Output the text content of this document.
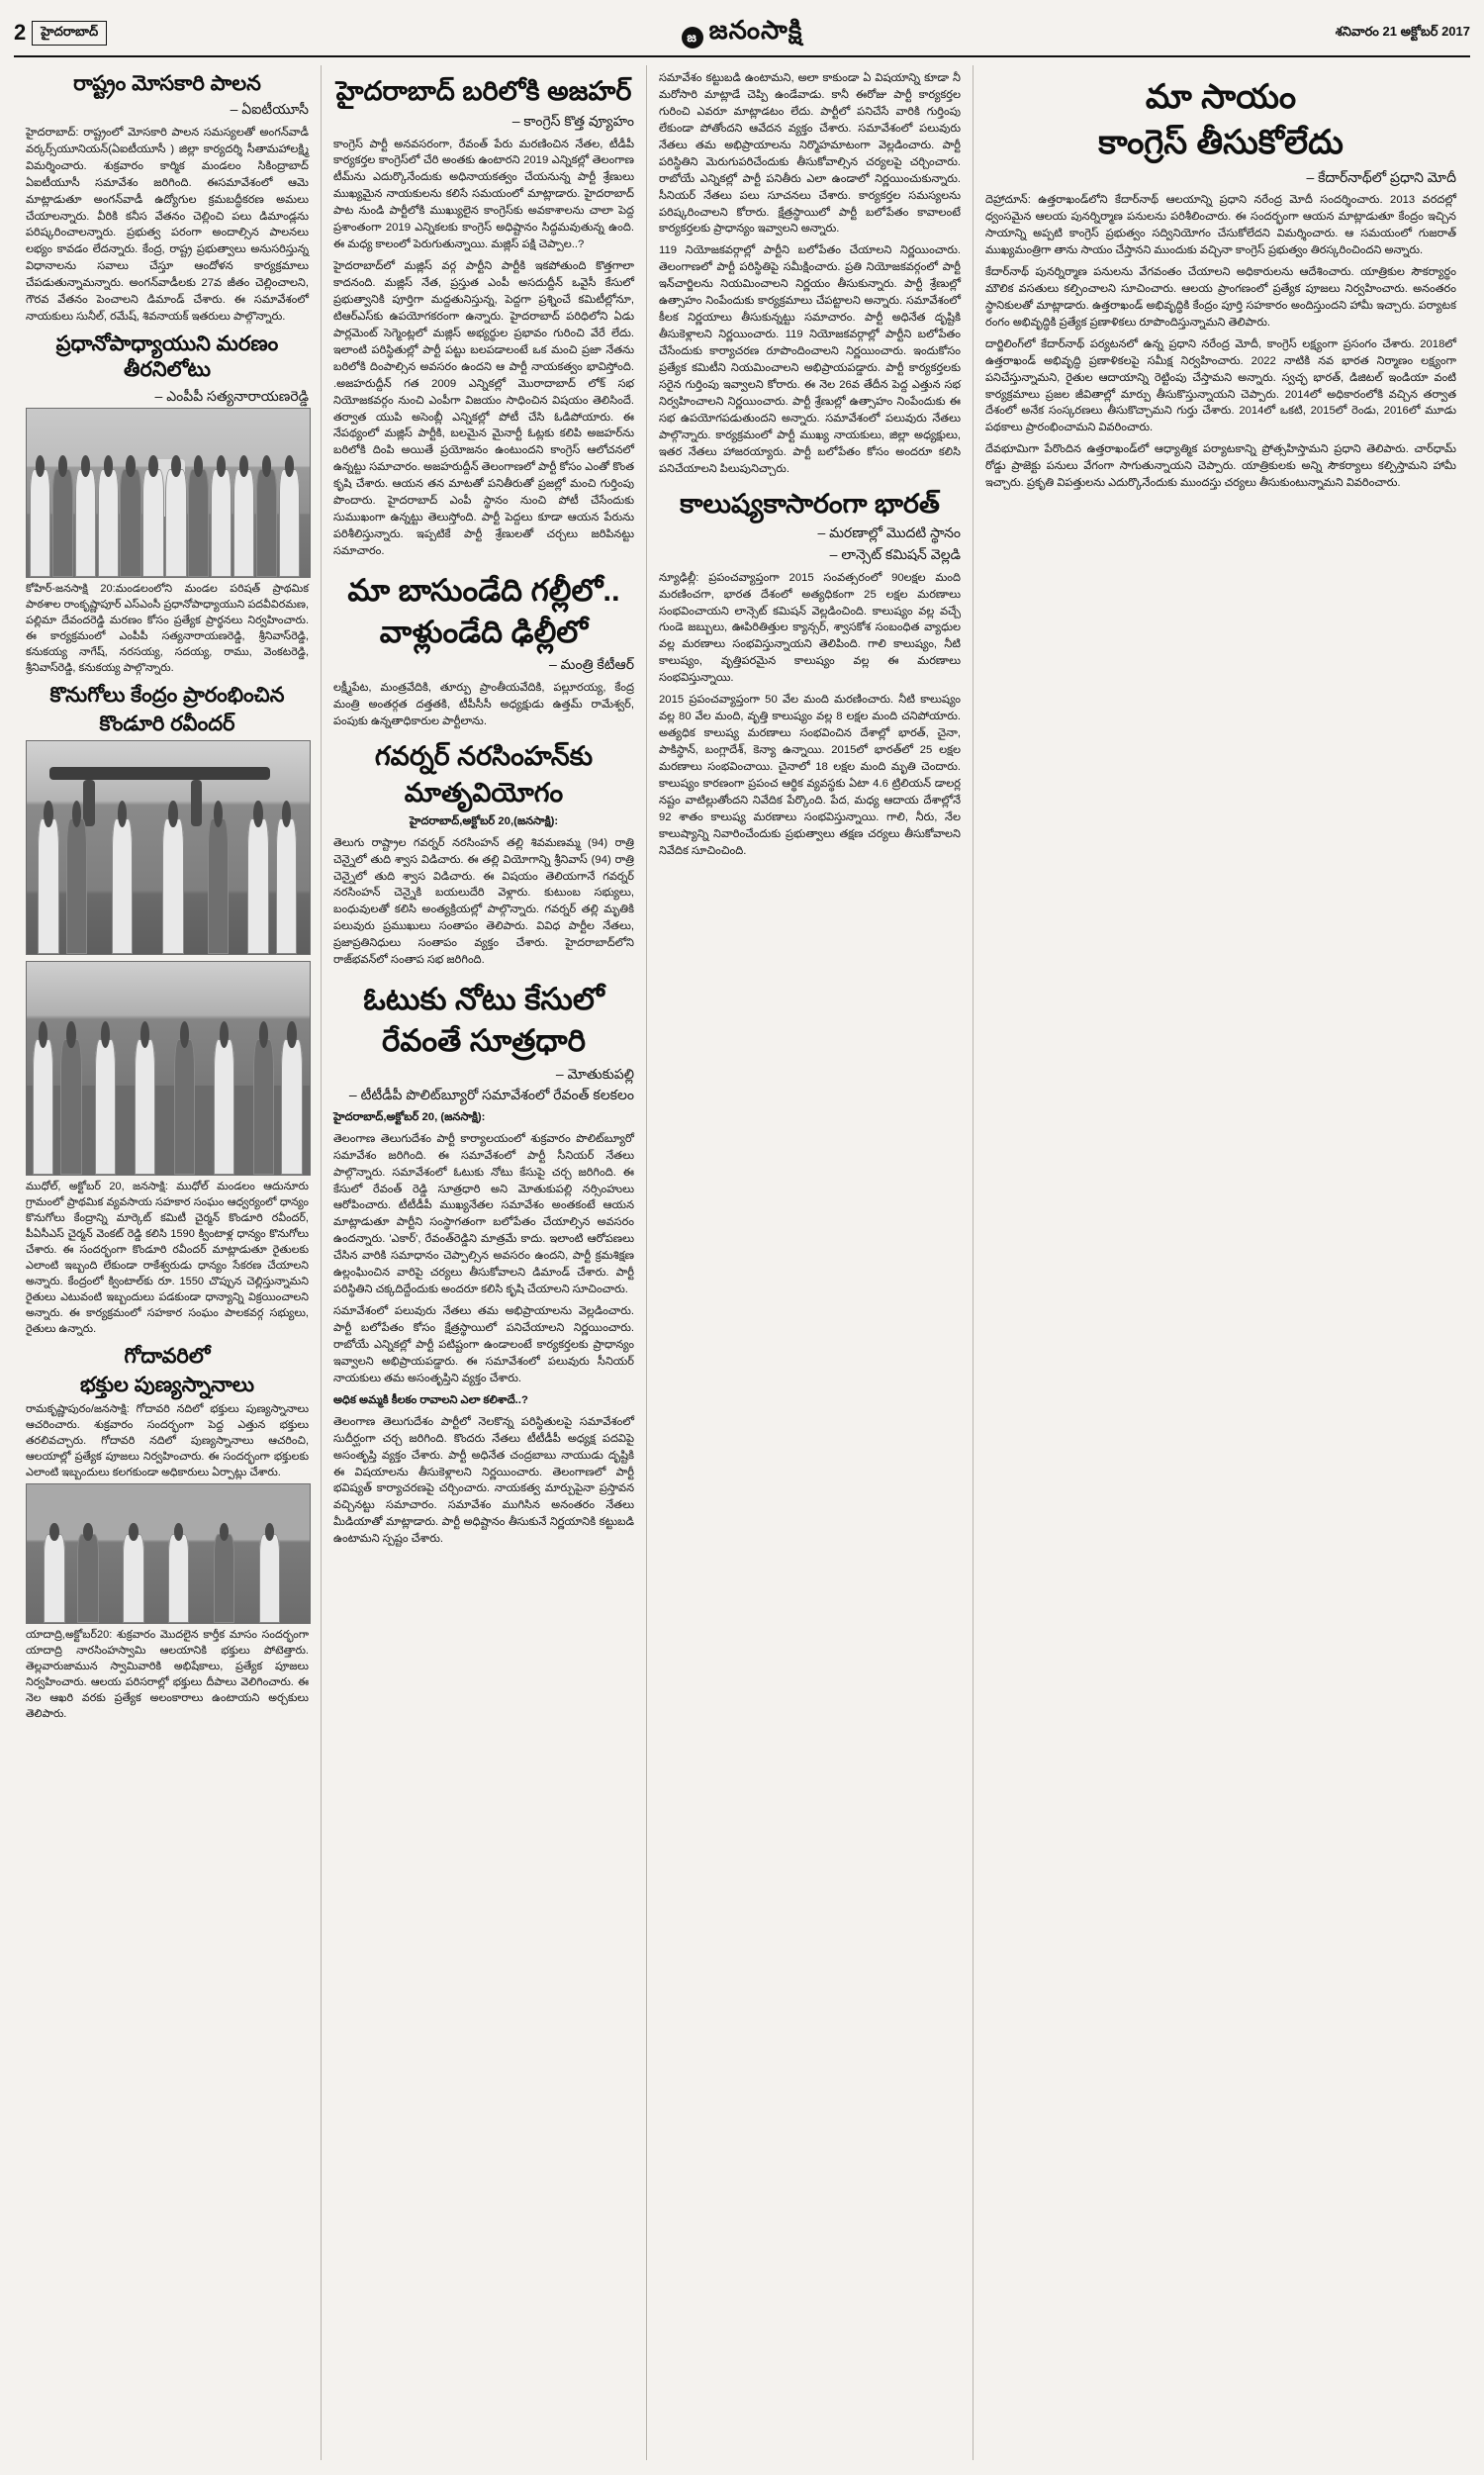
2	హైదరాబాద్	జ జనంసాక్షి	శనివారం 21 అక్టోబర్ 2017
రాష్ట్రం మోసకారి పాలన
– ఏఐటీయూసీ
హైదరాబాద్: రాష్ట్రంలో మోసకారి పాలన సమస్యలతో అంగన్‌వాడీ వర్కర్స్‌యూనియన్(ఏఐటీయూసీ ) జిల్లా కార్యదర్శి సీతామహాలక్ష్మి విమర్శించారు. శుక్రవారం కార్మిక మండలం సికింద్రాబాద్ ఏఐటీయూసీ సమావేశం జరిగింది. ఈసమావేశంలో ఆమె మాట్లాడుతూ అంగన్‌వాడీ ఉద్యోగుల క్రమబద్ధీకరణ అమలు చేయాలన్నారు. వీరికి కనీస వేతనం చెల్లించి పలు డిమాండ్లను పరిష్కరించాలన్నారు. ప్రభుత్వ పరంగా అందాల్సిన పాలనలు లభ్యం కావడం లేదన్నారు. కేంద్ర, రాష్ట్ర ప్రభుత్వాలు అనుసరిస్తున్న విధానాలను సవాలు చేస్తూ ఆందోళన కార్యక్రమాలు చేపడుతున్నామన్నారు. అంగన్‌వాడీలకు 27వ జీతం చెల్లించాలని, గౌరవ వేతనం పెంచాలని డిమాండ్ చేశారు. ఈ సమావేశంలో నాయకులు సునీల్, రమేష్, శివనాయక్ ఇతరులు పాల్గొన్నారు.
ప్రధానోపాధ్యాయుని మరణం తీరనిలోటు
– ఎంపీపీ సత్యనారాయణరెడ్డి
కోహిర్-జనసాక్షి 20:మండలంలోని మండల పరిషత్ ప్రాథమిక పాఠశాల రాంకృష్ణాపూర్ ఎస్‌ఎంసీ ప్రధానోపాధ్యాయుని పదవీవిరమణ, పల్లిమా దేవందరెడ్డి మరణం కోసం ప్రత్యేక ప్రార్థనలు నిర్వహించారు. ఈ కార్యక్రమంలో ఎంపీపీ సత్యనారాయణరెడ్డి, శ్రీనివాస్‌రెడ్డి, కనుకయ్య నాగేష్, నరసయ్య, సదయ్య, రాము, వెంకటరెడ్డి, శ్రీనివాస్‌రెడ్డి, కనుకయ్య పాల్గొన్నారు.
కొనుగోలు కేంద్రం ప్రారంభించిన
కొండూరి రవీందర్
ముధోల్, అక్టోబర్ 20, జనసాక్షి: ముధోల్ మండలం ఆదునూరు గ్రామంలో ప్రాథమిక వ్యవసాయ సహకార సంఘం ఆధ్వర్యంలో ధాన్యం కొనుగోలు కేంద్రాన్ని మార్కెట్ కమిటీ చైర్మన్ కొండూరి రవీందర్, పీఏసీఎస్ చైర్మన్ వెంకట్ రెడ్డి కలిసి 1590 క్వింటాళ్ల ధాన్యం కొనుగోలు చేశారు. ఈ సందర్భంగా కొండూరి రవీందర్ మాట్లాడుతూ రైతులకు ఎలాంటి ఇబ్బంది లేకుండా రాకేశ్వరుడు ధాన్యం సేకరణ చేయాలని అన్నారు. కేంద్రంలో క్వింటాల్‌కు రూ. 1550 చొప్పున చెల్లిస్తున్నామని రైతులు ఎటువంటి ఇబ్బందులు పడకుండా ధాన్యాన్ని విక్రయించాలని అన్నారు. ఈ కార్యక్రమంలో సహకార సంఘం పాలకవర్గ సభ్యులు, రైతులు ఉన్నారు.
గోదావరిలో
భక్తుల పుణ్యస్నానాలు
రామకృష్ణాపురం/జనసాక్షి: గోదావరి నదిలో భక్తులు పుణ్యస్నానాలు ఆచరించారు. శుక్రవారం సందర్భంగా పెద్ద ఎత్తున భక్తులు తరలివచ్చారు. గోదావరి నదిలో పుణ్యస్నానాలు ఆచరించి, ఆలయాల్లో ప్రత్యేక పూజలు నిర్వహించారు. ఈ సందర్భంగా భక్తులకు ఎలాంటి ఇబ్బందులు కలగకుండా అధికారులు ఏర్పాట్లు చేశారు.
యాదాద్రి,అక్టోబర్20: శుక్రవారం మొదలైన కార్తీక మాసం సందర్భంగా యాదాద్రి నారసింహస్వామి ఆలయానికి భక్తులు పోటెత్తారు. తెల్లవారుజామున స్వామివారికి అభిషేకాలు, ప్రత్యేక పూజలు నిర్వహించారు. ఆలయ పరిసరాల్లో భక్తులు దీపాలు వెలిగించారు. ఈ నెల ఆఖరి వరకు ప్రత్యేక అలంకారాలు ఉంటాయని అర్చకులు తెలిపారు.
హైదరాబాద్ బరిలోకి అజహర్
– కాంగ్రెస్ కొత్త వ్యూహం
కాంగ్రెస్ పార్టీ అనవసరంగా, రేవంత్ పేరు మరణించిన నేతల, టీడీపీ కార్యకర్తల కాంగ్రెస్‌లో చేరి అంతకు ఉంటారని 2019 ఎన్నికల్లో తెలంగాణ టీమ్‌ను ఎదుర్కొనేందుకు అధినాయకత్వం చేయనున్న పార్టీ శ్రేణులు ముఖ్యమైన నాయకులను కలిసే సమయంలో మాట్లాడారు. హైదరాబాద్ పాట నుండి పార్టీలోకి ముఖ్యులైన కాంగ్రెస్‌కు అవకాశాలను చాలా పెద్ద ప్రశాంతంగా 2019 ఎన్నికలకు కాంగ్రెస్ అధిష్టానం సిద్ధమవుతున్న ఉంది. ఈ మధ్య కాలంలో పెరుగుతున్నాయి. మజ్లిస్ పక్షి చెప్పాల..?
హైదరాబాద్‌లో మజ్లిస్ వర్గ పార్టీని పార్టీకి ఇకపోతుంది కొత్తగాలా కాదనంది. మజ్లిస్ నేత, ప్రస్తుత ఎంపీ అసదుద్దీన్ ఒవైసీ కేసులో ప్రభుత్వానికి పూర్తిగా మద్దతునిస్తున్న, పెద్దగా ప్రశ్నించే కమిటీల్లోనూ, టిఆర్ఎస్‌కు ఉపయోగకరంగా ఉన్నారు. హైదరాబాద్ పరిధిలోని ఏడు పార్లమెంట్ సెగ్మెంట్లలో మజ్లిస్ అభ్యర్థుల ప్రభావం గురించి వేరే లేదు. ఇలాంటి పరిస్థితుల్లో పార్టీ పట్టు బలపడాలంటే ఒక మంచి ప్రజా నేతను బరిలోకి దింపాల్సిన అవసరం ఉందని ఆ పార్టీ నాయకత్వం భావిస్తోంది. .అజహరుద్దీన్ గత 2009 ఎన్నికల్లో మొరాదాబాద్ లోక్ సభ నియోజకవర్గం నుంచి ఎంపీగా విజయం సాధించిన విషయం తెలిసిందే. తర్వాత యుపి అసెంబ్లీ ఎన్నికల్లో పోటీ చేసి ఓడిపోయారు. ఈ నేపథ్యంలో మజ్లిస్ పార్టీకి, బలమైన మైనార్టీ ఓట్లకు కలిపి అజహర్‌ను బరిలోకి దింపి అయితే ప్రయోజనం ఉంటుందని కాంగ్రెస్ ఆలోచనలో ఉన్నట్టు సమాచారం. అజహరుద్దీన్ తెలంగాణలో పార్టీ కోసం ఎంతో కొంత కృషి చేశారు. ఆయన తన మాటతో పనితీరుతో ప్రజల్లో మంచి గుర్తింపు పొందారు. హైదరాబాద్ ఎంపీ స్థానం నుంచి పోటీ చేసేందుకు సుముఖంగా ఉన్నట్టు తెలుస్తోంది. పార్టీ పెద్దలు కూడా ఆయన పేరును పరిశీలిస్తున్నారు. ఇప్పటికే పార్టీ శ్రేణులతో చర్చలు జరిపినట్టు సమాచారం.
మా బాసుండేది గల్లీలో..
వాళ్లుండేది ఢిల్లీలో
– మంత్రి కేటీఆర్
లక్ష్మీపేట, మంత్రవేదికి, తూర్పు ప్రాంతీయవేదికి, పల్లూరయ్య, కేంద్ర మంత్రి అంతర్గత దత్తతకి, టీపీసీసీ అధ్యక్షుడు ఉత్తమ్ రామేశ్వర్, పంపుకు ఉన్నతాధికారుల పార్టీలాను.
గవర్నర్ నరసింహన్‌కు
మాతృవియోగం
హైదరాబాద్,అక్టోబర్ 20,(జనసాక్షి):
తెలుగు రాష్ట్రాల గవర్నర్ నరసింహన్ తల్లి శివమణమ్మ (94) రాత్రి చెన్నైలో తుది శ్వాస విడిచారు. ఈ తల్లి వియోగాన్ని శ్రీనివాస్ (94) రాత్రి చెన్నైలో తుది శ్వాస విడిచారు. ఈ విషయం తెలియగానే గవర్నర్ నరసింహన్ చెన్నైకి బయలుదేరి వెళ్లారు. కుటుంబ సభ్యులు, బంధువులతో కలిసి అంత్యక్రియల్లో పాల్గొన్నారు. గవర్నర్ తల్లి మృతికి పలువురు ప్రముఖులు సంతాపం తెలిపారు. వివిధ పార్టీల నేతలు, ప్రజాప్రతినిధులు సంతాపం వ్యక్తం చేశారు. హైదరాబాద్‌లోని రాజ్‌భవన్‌లో సంతాప సభ జరిగింది.
ఓటుకు నోటు కేసులో
రేవంతే సూత్రధారి
– మోతుకుపల్లి
– టీటీడీపీ పొలిట్‌బ్యూరో సమావేశంలో రేవంత్ కలకలం
హైదరాబాద్,అక్టోబర్ 20, (జనసాక్షి):
తెలంగాణ తెలుగుదేశం పార్టీ కార్యాలయంలో శుక్రవారం పొలిట్‌బ్యూరో సమావేశం జరిగింది. ఈ సమావేశంలో పార్టీ సీనియర్ నేతలు పాల్గొన్నారు. సమావేశంలో ఓటుకు నోటు కేసుపై చర్చ జరిగింది. ఈ కేసులో రేవంత్ రెడ్డి సూత్రధారి అని మోతుకుపల్లి నర్సింహులు ఆరోపించారు. టీటీడీపీ ముఖ్యనేతల సమావేశం అంతకంటే ఆయన మాట్లాడుతూ పార్టీని సంస్థాగతంగా బలోపేతం చేయాల్సిన అవసరం ఉందన్నారు. 'ఎకార్', రేవంత్‌రెడ్డిని మాత్రమే కాదు. ఇలాంటి ఆరోపణలు చేసిన వారికి సమాధానం చెప్పాల్సిన అవసరం ఉందని, పార్టీ క్రమశిక్షణ ఉల్లంఘించిన వారిపై చర్యలు తీసుకోవాలని డిమాండ్ చేశారు. పార్టీ పరిస్థితిని చక్కదిద్దేందుకు అందరూ కలిసి కృషి చేయాలని సూచించారు.
సమావేశంలో పలువురు నేతలు తమ అభిప్రాయాలను వెల్లడించారు. పార్టీ బలోపేతం కోసం క్షేత్రస్థాయిలో పనిచేయాలని నిర్ణయించారు. రాబోయే ఎన్నికల్లో పార్టీ పటిష్టంగా ఉండాలంటే కార్యకర్తలకు ప్రాధాన్యం ఇవ్వాలని అభిప్రాయపడ్డారు. ఈ సమావేశంలో పలువురు సీనియర్ నాయకులు తమ అసంతృప్తిని వ్యక్తం చేశారు.
అధిక అమ్మకి కీలకం రావాలని ఎలా కలిశాదే..?
తెలంగాణ తెలుగుదేశం పార్టీలో నెలకొన్న పరిస్థితులపై సమావేశంలో సుదీర్ఘంగా చర్చ జరిగింది. కొందరు నేతలు టీటీడీపీ అధ్యక్ష పదవిపై అసంతృప్తి వ్యక్తం చేశారు. పార్టీ అధినేత చంద్రబాబు నాయుడు దృష్టికి ఈ విషయాలను తీసుకెళ్లాలని నిర్ణయించారు. తెలంగాణలో పార్టీ భవిష్యత్ కార్యాచరణపై చర్చించారు. నాయకత్వ మార్పుపైనా ప్రస్తావన వచ్చినట్టు సమాచారం. సమావేశం ముగిసిన అనంతరం నేతలు మీడియాతో మాట్లాడారు. పార్టీ అధిష్టానం తీసుకునే నిర్ణయానికి కట్టుబడి ఉంటామని స్పష్టం చేశారు.
సమావేశం కట్టుబడి ఉంటామని, అలా కాకుండా ఏ విషయాన్ని కూడా నీ మరోసారి మాట్లాడే చెప్పి ఉండేవాడు. కానీ ఈరోజు పార్టీ కార్యకర్తల గురించి ఎవరూ మాట్లాడటం లేదు. పార్టీలో పనిచేసే వారికి గుర్తింపు లేకుండా పోతోందని ఆవేదన వ్యక్తం చేశారు. సమావేశంలో పలువురు నేతలు తమ అభిప్రాయాలను నిర్మొహమాటంగా వెల్లడించారు. పార్టీ పరిస్థితిని మెరుగుపరిచేందుకు తీసుకోవాల్సిన చర్యలపై చర్చించారు. రాబోయే ఎన్నికల్లో పార్టీ పనితీరు ఎలా ఉండాలో నిర్ణయించుకున్నారు. సీనియర్ నేతలు పలు సూచనలు చేశారు. కార్యకర్తల సమస్యలను పరిష్కరించాలని కోరారు. క్షేత్రస్థాయిలో పార్టీ బలోపేతం కావాలంటే కార్యకర్తలకు ప్రాధాన్యం ఇవ్వాలని అన్నారు.
119 నియోజకవర్గాల్లో పార్టీని బలోపేతం చేయాలని నిర్ణయించారు. తెలంగాణలో పార్టీ పరిస్థితిపై సమీక్షించారు. ప్రతి నియోజకవర్గంలో పార్టీ ఇన్‌చార్జిలను నియమించాలని నిర్ణయం తీసుకున్నారు. పార్టీ శ్రేణుల్లో ఉత్సాహం నింపేందుకు కార్యక్రమాలు చేపట్టాలని అన్నారు. సమావేశంలో కీలక నిర్ణయాలు తీసుకున్నట్టు సమాచారం. పార్టీ అధినేత దృష్టికి తీసుకెళ్లాలని నిర్ణయించారు. 119 నియోజకవర్గాల్లో పార్టీని బలోపేతం చేసేందుకు కార్యాచరణ రూపొందించాలని నిర్ణయించారు. ఇందుకోసం ప్రత్యేక కమిటీని నియమించాలని అభిప్రాయపడ్డారు. పార్టీ కార్యకర్తలకు సరైన గుర్తింపు ఇవ్వాలని కోరారు. ఈ నెల 26వ తేదీన పెద్ద ఎత్తున సభ నిర్వహించాలని నిర్ణయించారు. పార్టీ శ్రేణుల్లో ఉత్సాహం నింపేందుకు ఈ సభ ఉపయోగపడుతుందని అన్నారు. సమావేశంలో పలువురు నేతలు పాల్గొన్నారు. కార్యక్రమంలో పార్టీ ముఖ్య నాయకులు, జిల్లా అధ్యక్షులు, ఇతర నేతలు హాజరయ్యారు. పార్టీ బలోపేతం కోసం అందరూ కలిసి పనిచేయాలని పిలుపునిచ్చారు.
కాలుష్యకాసారంగా భారత్
– మరణాల్లో మొదటి స్థానం
– లాన్సెట్ కమిషన్ వెల్లడి
న్యూఢిల్లీ: ప్రపంచవ్యాప్తంగా 2015 సంవత్సరంలో 90లక్షల మంది మరణించగా, భారత దేశంలో అత్యధికంగా 25 లక్షల మరణాలు సంభవించాయని లాన్సెట్ కమిషన్ వెల్లడించింది. కాలుష్యం వల్ల వచ్చే గుండె జబ్బులు, ఊపిరితిత్తుల క్యాన్సర్, శ్వాసకోశ సంబంధిత వ్యాధుల వల్ల మరణాలు సంభవిస్తున్నాయని తెలిపింది. గాలి కాలుష్యం, నీటి కాలుష్యం, వృత్తిపరమైన కాలుష్యం వల్ల ఈ మరణాలు సంభవిస్తున్నాయి.
2015 ప్రపంచవ్యాప్తంగా 50 వేల మంది మరణించారు. నీటి కాలుష్యం వల్ల 80 వేల మంది, వృత్తి కాలుష్యం వల్ల 8 లక్షల మంది చనిపోయారు. అత్యధిక కాలుష్య మరణాలు సంభవించిన దేశాల్లో భారత్, చైనా, పాకిస్థాన్, బంగ్లాదేశ్, కెన్యా ఉన్నాయి. 2015లో భారత్‌లో 25 లక్షల మరణాలు సంభవించాయి. చైనాలో 18 లక్షల మంది మృతి చెందారు. కాలుష్యం కారణంగా ప్రపంచ ఆర్థిక వ్యవస్థకు ఏటా 4.6 ట్రిలియన్ డాలర్ల నష్టం వాటిల్లుతోందని నివేదిక పేర్కొంది. పేద, మధ్య ఆదాయ దేశాల్లోనే 92 శాతం కాలుష్య మరణాలు సంభవిస్తున్నాయి. గాలి, నీరు, నేల కాలుష్యాన్ని నివారించేందుకు ప్రభుత్వాలు తక్షణ చర్యలు తీసుకోవాలని నివేదిక సూచించింది.
మా సాయం
కాంగ్రెస్ తీసుకోలేదు
– కేదార్‌నాథ్‌లో ప్రధాని మోదీ
దెహ్రాదూన్: ఉత్తరాఖండ్‌లోని కేదార్‌నాథ్ ఆలయాన్ని ప్రధాని నరేంద్ర మోదీ సందర్శించారు. 2013 వరదల్లో ధ్వంసమైన ఆలయ పునర్నిర్మాణ పనులను పరిశీలించారు. ఈ సందర్భంగా ఆయన మాట్లాడుతూ కేంద్రం ఇచ్చిన సాయాన్ని అప్పటి కాంగ్రెస్ ప్రభుత్వం సద్వినియోగం చేసుకోలేదని విమర్శించారు. ఆ సమయంలో గుజరాత్ ముఖ్యమంత్రిగా తాను సాయం చేస్తానని ముందుకు వచ్చినా కాంగ్రెస్ ప్రభుత్వం తిరస్కరించిందని అన్నారు.
కేదార్‌నాథ్ పునర్నిర్మాణ పనులను వేగవంతం చేయాలని అధికారులను ఆదేశించారు. యాత్రికుల సౌకర్యార్థం మౌలిక వసతులు కల్పించాలని సూచించారు. ఆలయ ప్రాంగణంలో ప్రత్యేక పూజలు నిర్వహించారు. అనంతరం స్థానికులతో మాట్లాడారు. ఉత్తరాఖండ్ అభివృద్ధికి కేంద్రం పూర్తి సహకారం అందిస్తుందని హామీ ఇచ్చారు. పర్యాటక రంగం అభివృద్ధికి ప్రత్యేక ప్రణాళికలు రూపొందిస్తున్నామని తెలిపారు.
దార్జిలింగ్‌లో కేదార్‌నాథ్ పర్యటనలో ఉన్న ప్రధాని నరేంద్ర మోదీ, కాంగ్రెస్ లక్ష్యంగా ప్రసంగం చేశారు. 2018లో ఉత్తరాఖండ్ అభివృద్ధి ప్రణాళికలపై సమీక్ష నిర్వహించారు. 2022 నాటికి నవ భారత నిర్మాణం లక్ష్యంగా పనిచేస్తున్నామని, రైతుల ఆదాయాన్ని రెట్టింపు చేస్తామని అన్నారు. స్వచ్ఛ భారత్, డిజిటల్ ఇండియా వంటి కార్యక్రమాలు ప్రజల జీవితాల్లో మార్పు తీసుకొస్తున్నాయని చెప్పారు. 2014లో అధికారంలోకి వచ్చిన తర్వాత దేశంలో అనేక సంస్కరణలు తీసుకొచ్చామని గుర్తు చేశారు. 2014లో ఒకటి, 2015లో రెండు, 2016లో మూడు పథకాలు ప్రారంభించామని వివరించారు.
దేవభూమిగా పేరొందిన ఉత్తరాఖండ్‌లో ఆధ్యాత్మిక పర్యాటకాన్ని ప్రోత్సహిస్తామని ప్రధాని తెలిపారు. చార్‌ధామ్ రోడ్డు ప్రాజెక్టు పనులు వేగంగా సాగుతున్నాయని చెప్పారు. యాత్రికులకు అన్ని సౌకర్యాలు కల్పిస్తామని హామీ ఇచ్చారు. ప్రకృతి విపత్తులను ఎదుర్కొనేందుకు ముందస్తు చర్యలు తీసుకుంటున్నామని వివరించారు.
